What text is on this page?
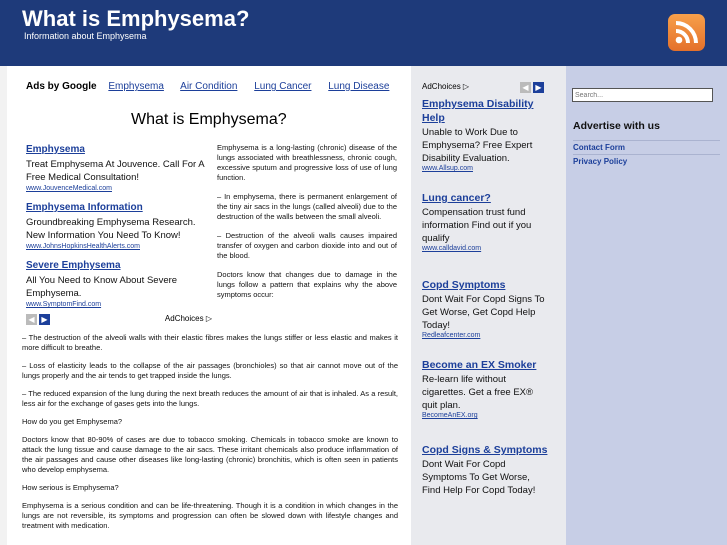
What is Emphysema?
Information about Emphysema
Ads by Google Emphysema Air Condition Lung Cancer Lung Disease
What is Emphysema?
Emphysema
Treat Emphysema At Jouvence. Call For A Free Medical Consultation!
www.JouvenceMedical.com
Emphysema Information
Groundbreaking Emphysema Research. New Information You Need To Know!
www.JohnsHopkinsHealthAlerts.com
Severe Emphysema
All You Need to Know About Severe Emphysema.
www.SymptomFind.com
◀ ▶	AdChoices ▷

Emphysema is a long-lasting (chronic) disease of the lungs associated with breathlessness, chronic cough, excessive sputum and progressive loss of use of lung function.

– In emphysema, there is permanent enlargement of the tiny air sacs in the lungs (called alveoli) due to the destruction of the walls between the small alveoli.

– Destruction of the alveoli walls causes impaired transfer of oxygen and carbon dioxide into and out of the blood.

Doctors know that changes due to damage in the lungs follow a pattern that explains why the above symptoms occur:

– The destruction of the alveoli walls with their elastic fibres makes the lungs stiffer or less elastic and makes it more difficult to breathe.

– Loss of elasticity leads to the collapse of the air passages (bronchioles) so that air cannot move out of the lungs properly and the air tends to get trapped inside the lungs.

– The reduced expansion of the lung during the next breath reduces the amount of air that is inhaled. As a result, less air for the exchange of gases gets into the lungs.

How do you get Emphysema?

Doctors know that 80-90% of cases are due to tobacco smoking. Chemicals in tobacco smoke are known to attack the lung tissue and cause damage to the air sacs. These irritant chemicals also produce inflammation of the air passages and cause other diseases like long-lasting (chronic) bronchitis, which is often seen in patients who develop emphysema.

How serious is Emphysema?

Emphysema is a serious condition and can be life-threatening. Though it is a condition in which changes in the lungs are not reversible, its symptoms and progression can often be slowed down with lifestyle changes and treatment with medication.

AdChoices ▷	◀ ▶
Emphysema Disability Help
Unable to Work Due to Emphysema? Free Expert Disability Evaluation.
www.Allsup.com
Lung cancer?
Compensation trust fund information Find out if you qualify
www.calldavid.com
Copd Symptoms
Dont Wait For Copd Signs To Get Worse, Get Copd Help Today!
Redleafcenter.com
Become an EX Smoker
Re-learn life without cigarettes. Get a free EX® quit plan.
BecomeAnEX.org
Copd Signs & Symptoms
Dont Wait For Copd Symptoms To Get Worse, Find Help For Copd Today!
Search...
Advertise with us
Contact Form
Privacy Policy
